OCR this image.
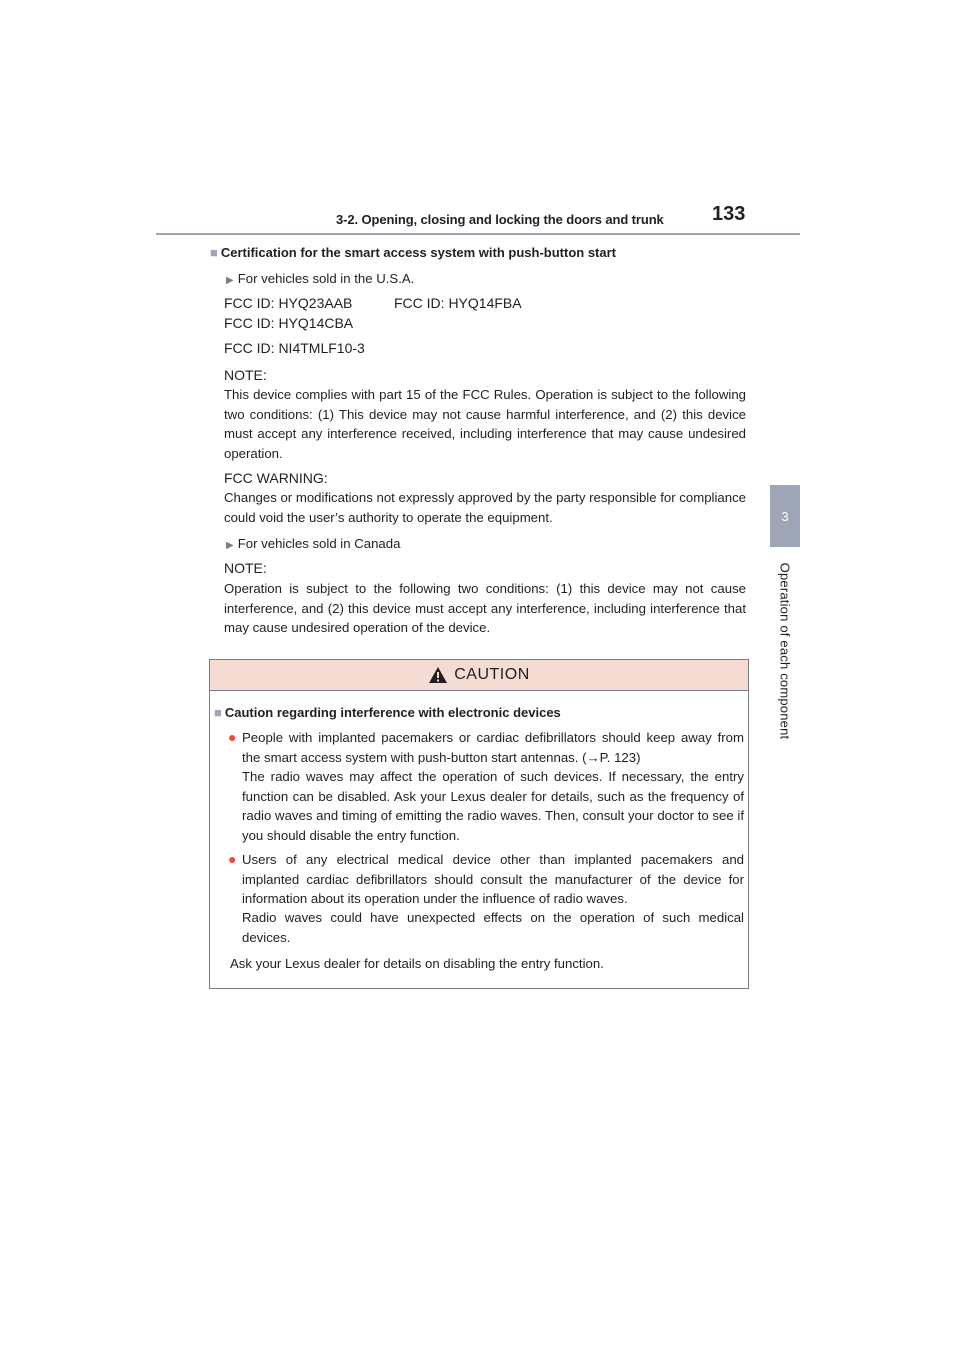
3-2. Opening, closing and locking the doors and trunk 133
3
Operation of each component
■ Certification for the smart access system with push-button start
▶ For vehicles sold in the U.S.A.
FCC ID: HYQ23AAB	FCC ID: HYQ14FBA
FCC ID: HYQ14CBA
FCC ID: NI4TMLF10-3
NOTE:
This device complies with part 15 of the FCC Rules. Operation is subject to the following two conditions: (1) This device may not cause harmful interference, and (2) this device must accept any interference received, including interference that may cause undesired operation.
FCC WARNING:
Changes or modifications not expressly approved by the party responsible for compliance could void the user’s authority to operate the equipment.
▶ For vehicles sold in Canada
NOTE:
Operation is subject to the following two conditions: (1) this device may not cause interference, and (2) this device must accept any interference, including interference that may cause undesired operation of the device.
CAUTION
■ Caution regarding interference with electronic devices
● People with implanted pacemakers or cardiac defibrillators should keep away from the smart access system with push-button start antennas. (→P. 123)
The radio waves may affect the operation of such devices. If necessary, the entry function can be disabled. Ask your Lexus dealer for details, such as the frequency of radio waves and timing of emitting the radio waves. Then, consult your doctor to see if you should disable the entry function.
● Users of any electrical medical device other than implanted pacemakers and implanted cardiac defibrillators should consult the manufacturer of the device for information about its operation under the influence of radio waves.
Radio waves could have unexpected effects on the operation of such medical devices.
Ask your Lexus dealer for details on disabling the entry function.
